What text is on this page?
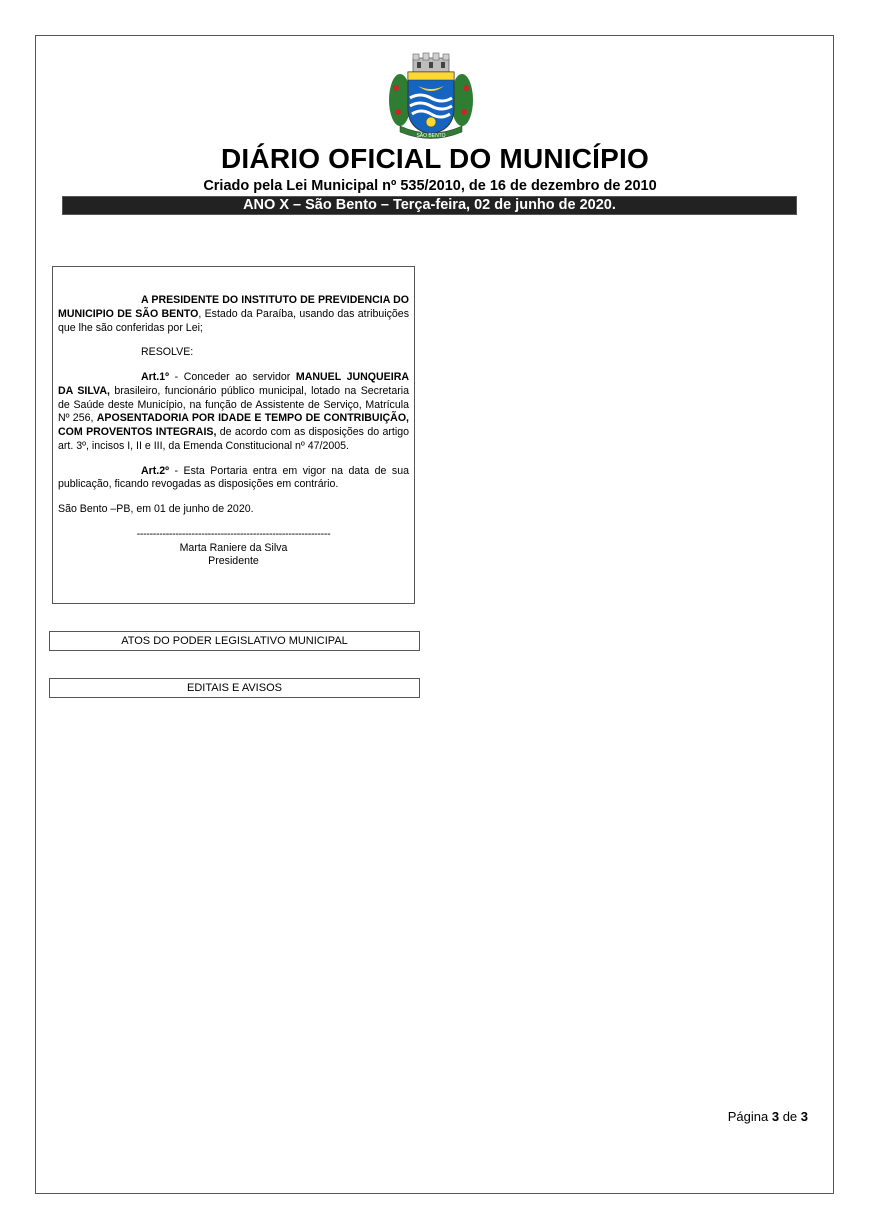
SÃO BENTO
DIÁRIO OFICIAL DO MUNICÍPIO
Criado pela Lei Municipal nº 535/2010, de 16 de dezembro de 2010
ANO X – São Bento – Terça-feira, 02 de junho de 2020.

A PRESIDENTE DO INSTITUTO DE PREVIDENCIA DO MUNICIPIO DE SÃO BENTO, Estado da Paraíba, usando das atribuições que lhe são conferidas por Lei;

RESOLVE:

Art.1º - Conceder ao servidor MANUEL JUNQUEIRA DA SILVA, brasileiro, funcionário público municipal, lotado na Secretaria de Saúde deste Município, na função de Assistente de Serviço, Matrícula Nº 256, APOSENTADORIA POR IDADE E TEMPO DE CONTRIBUIÇÃO, COM PROVENTOS INTEGRAIS, de acordo com as disposições do artigo art. 3º, incisos I, II e III, da Emenda Constitucional nº 47/2005.

Art.2º - Esta Portaria entra em vigor na data de sua publicação, ficando revogadas as disposições em contrário.

São Bento –PB, em 01 de junho de 2020.

------------------------------------------------------------
Marta Raniere da Silva
Presidente
ATOS DO PODER LEGISLATIVO MUNICIPAL
EDITAIS E AVISOS
Página 3 de 3
